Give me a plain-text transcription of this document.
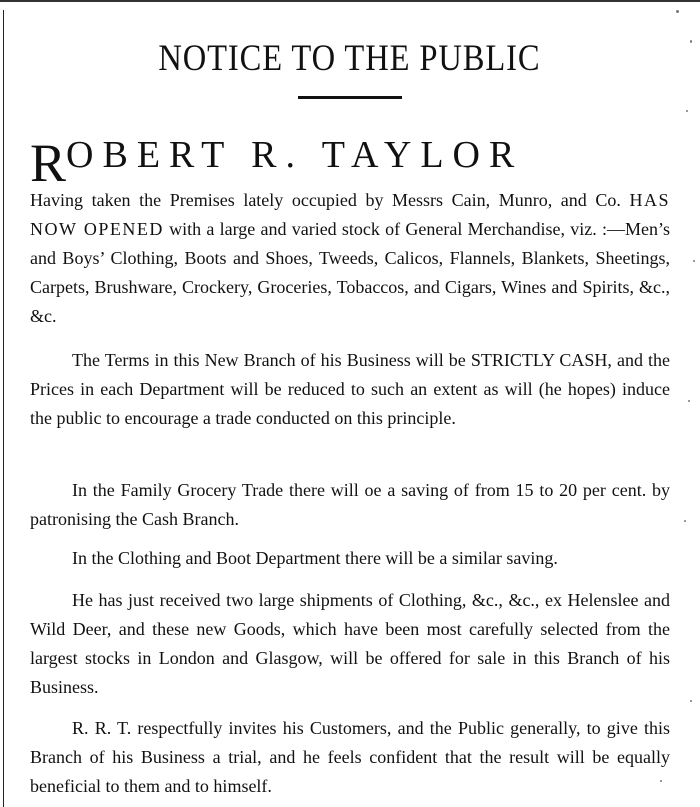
NOTICE TO THE PUBLIC
ROBERT R. TAYLOR

Having taken the Premises lately occupied by Messrs Cain, Munro, and Co. HAS NOW OPENED with a large and varied stock of General Merchandise, viz. :—Men’s and Boys’ Clothing, Boots and Shoes, Tweeds, Calicos, Flannels, Blankets, Sheetings, Carpets, Brushware, Crockery, Groceries, Tobaccos, and Cigars, Wines and Spirits, &c., &c.

The Terms in this New Branch of his Business will be STRICTLY CASH, and the Prices in each Department will be reduced to such an extent as will (he hopes) induce the public to encourage a trade conducted on this principle.

In the Family Grocery Trade there will oe a saving of from 15 to 20 per cent. by patronising the Cash Branch.

In the Clothing and Boot Department there will be a similar saving.

He has just received two large shipments of Clothing, &c., &c., ex Helenslee and Wild Deer, and these new Goods, which have been most carefully selected from the largest stocks in London and Glasgow, will be offered for sale in this Branch of his Business.

R. R. T. respectfully invites his Customers, and the Public generally, to give this Branch of his Business a trial, and he feels confident that the result will be equally beneficial to them and to himself.
